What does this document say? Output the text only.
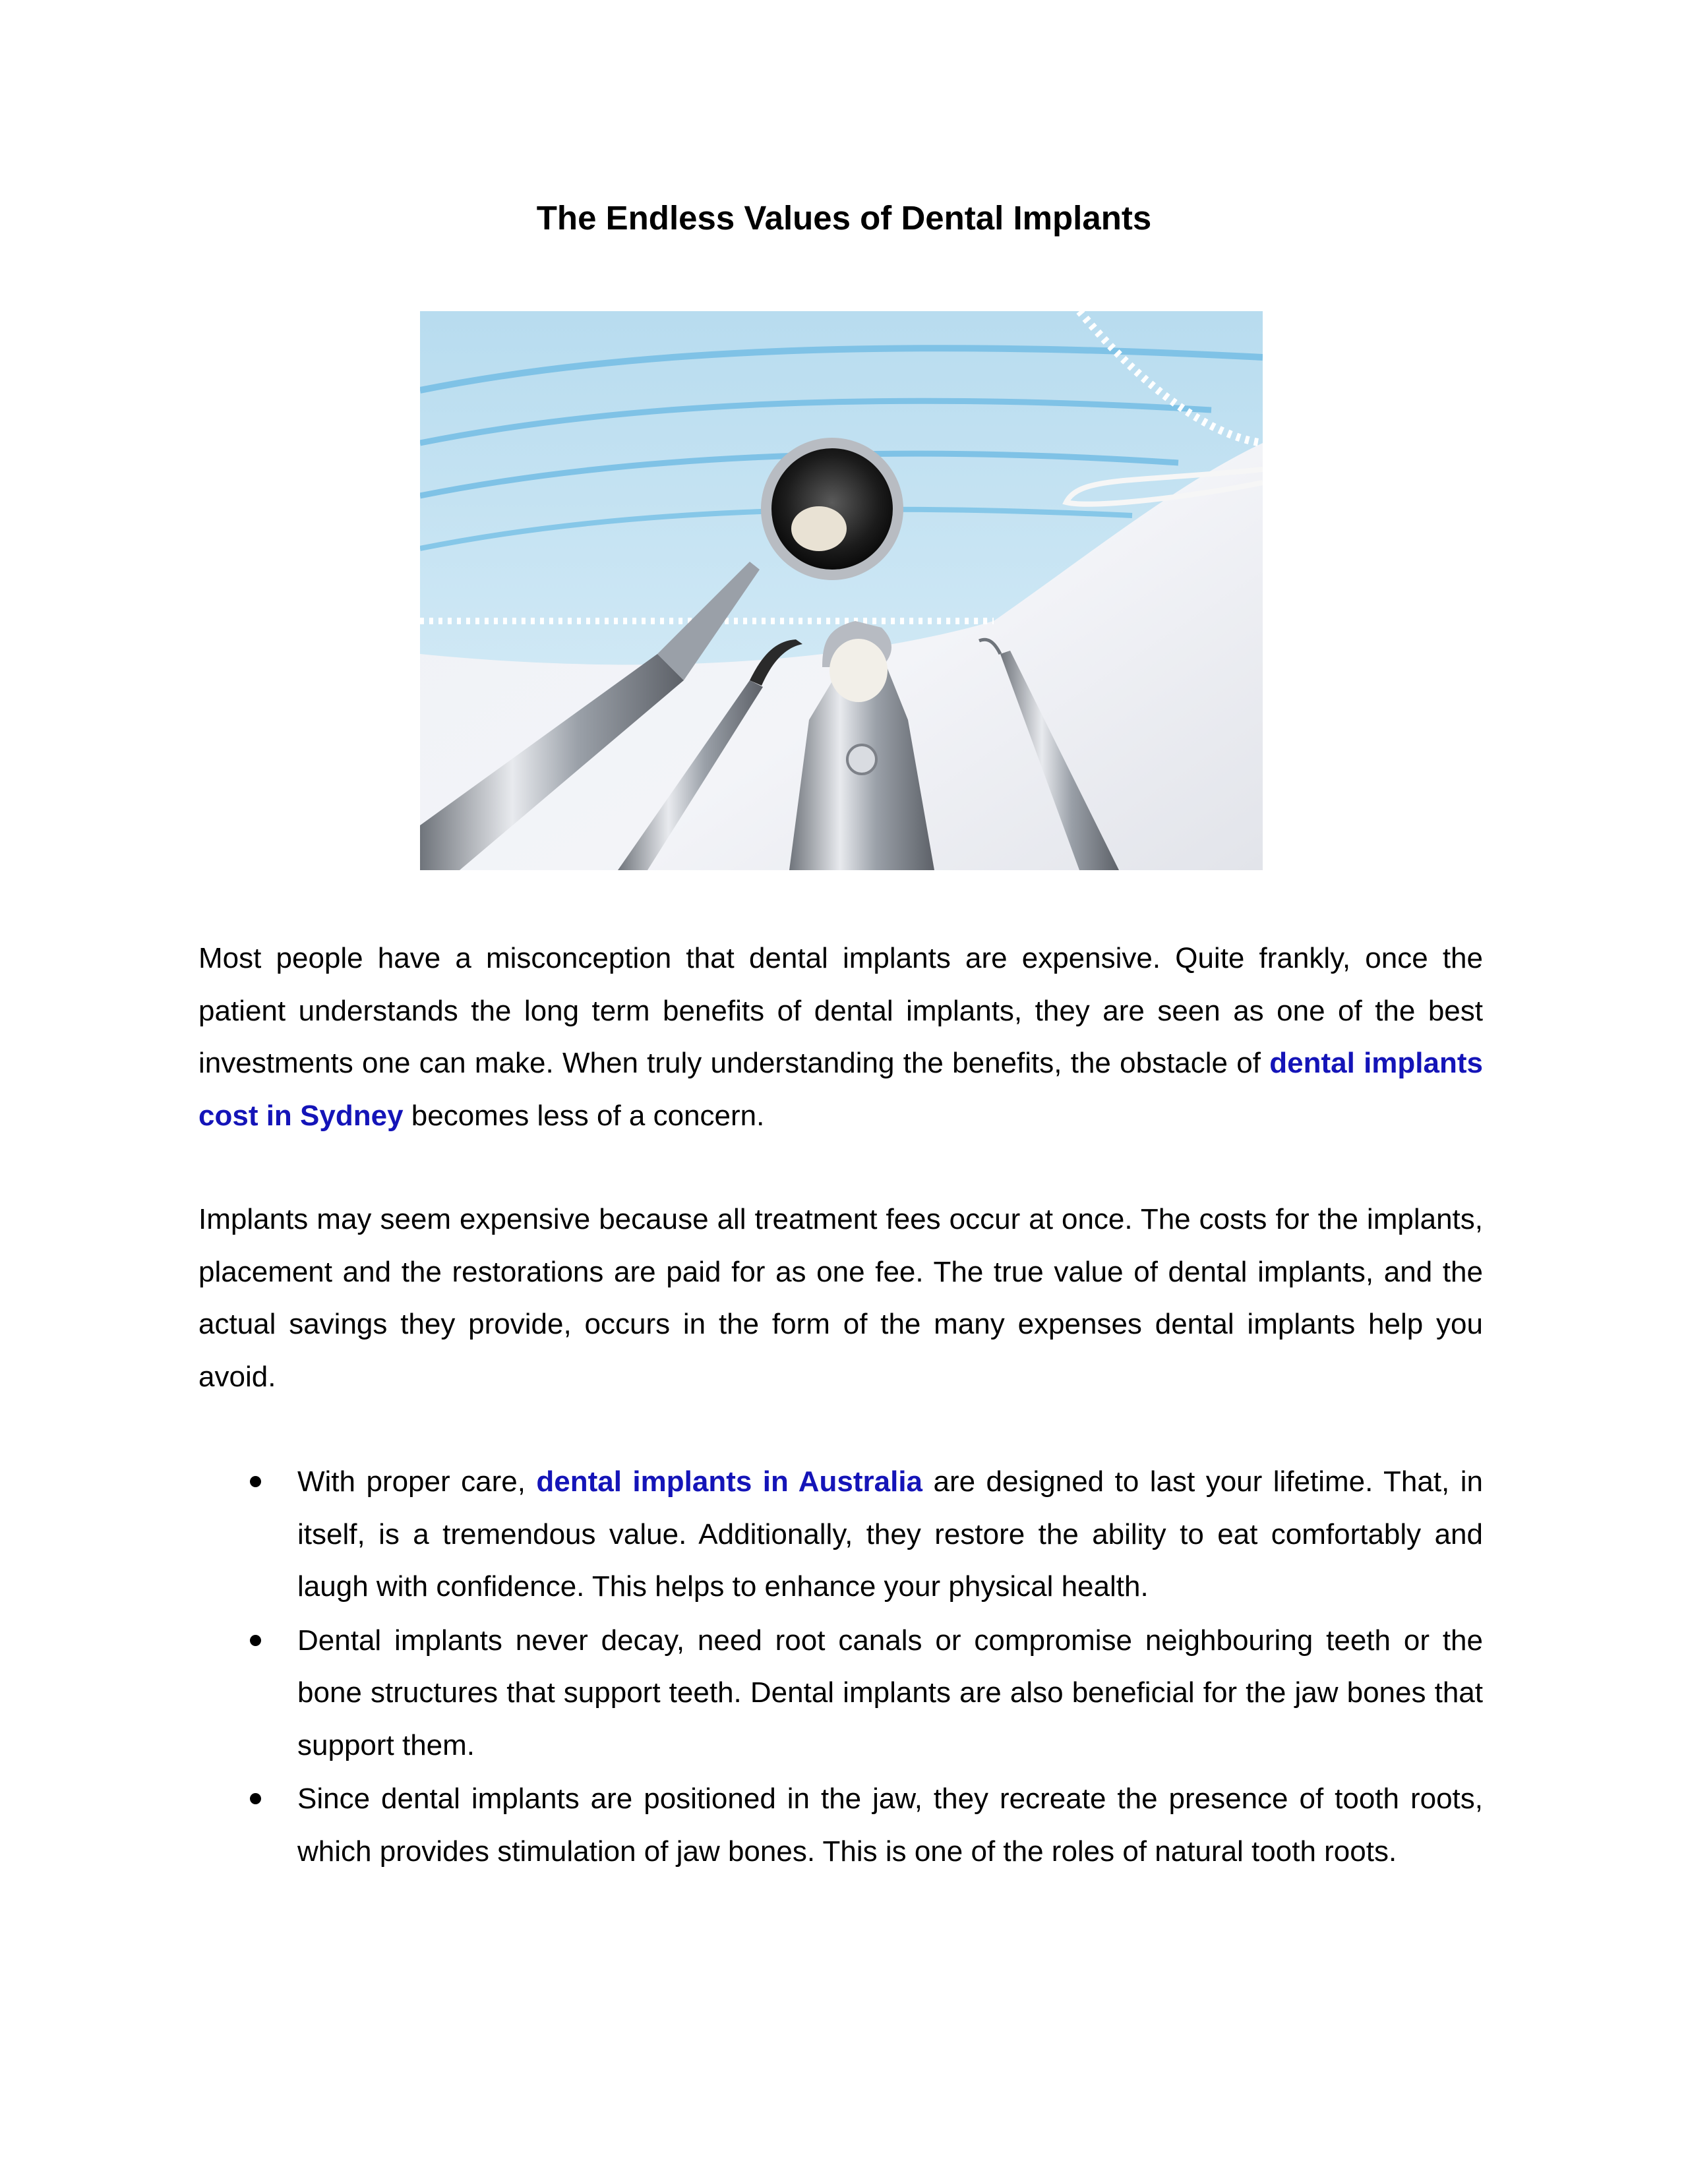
The Endless Values of Dental Implants

Most people have a misconception that dental implants are expensive. Quite frankly, once the patient understands the long term benefits of dental implants, they are seen as one of the best investments one can make. When truly understanding the benefits, the obstacle of dental implants cost in Sydney becomes less of a concern.

Implants may seem expensive because all treatment fees occur at once. The costs for the implants, placement and the restorations are paid for as one fee. The true value of dental implants, and the actual savings they provide, occurs in the form of the many expenses dental implants help you avoid.

With proper care, dental implants in Australia are designed to last your lifetime. That, in itself, is a tremendous value. Additionally, they restore the ability to eat comfortably and laugh with confidence. This helps to enhance your physical health.
Dental implants never decay, need root canals or compromise neighbouring teeth or the bone structures that support teeth. Dental implants are also beneficial for the jaw bones that support them.
Since dental implants are positioned in the jaw, they recreate the presence of tooth roots, which provides stimulation of jaw bones. This is one of the roles of natural tooth roots.
